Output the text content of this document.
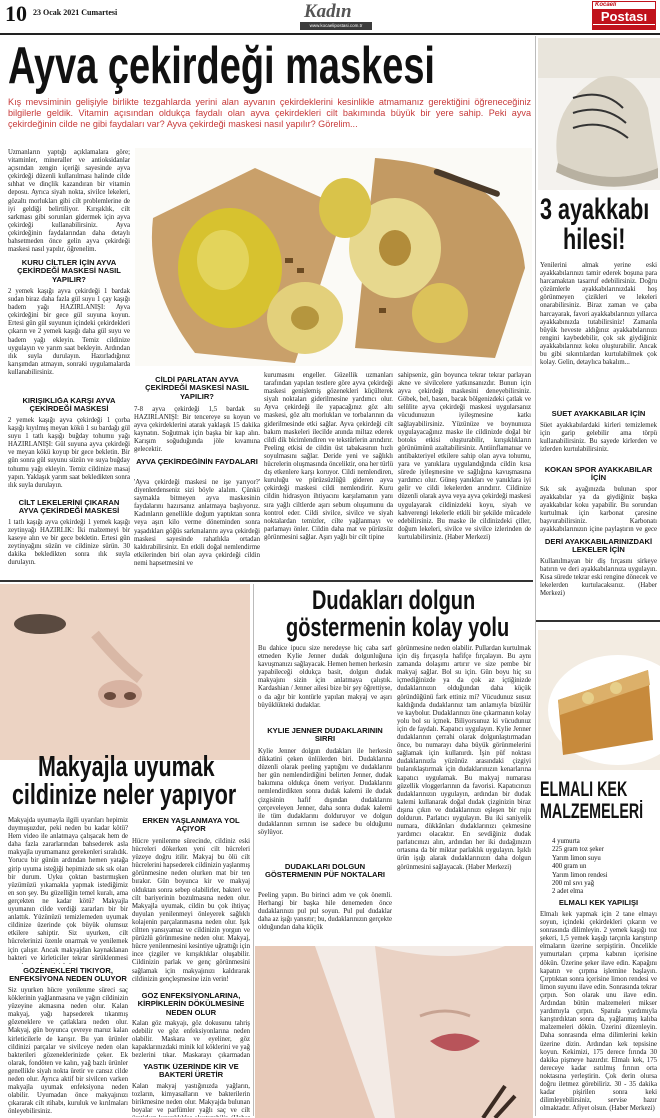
10 23 Ocak 2021 Cumartesi	Kadın
www.kocaelipostasi.com.tr
Kocaeli
Postası
Ayva çekirdeği maskesi
Kış mevsiminin gelişiyle birlikte tezgahlarda yerini alan ayvanın çekirdeklerini kesinlikle atmamanız gerektiğini öğreneceğiniz bilgilerle geldik. Vitamin açısından oldukça faydalı olan ayva çekirdekleri cilt bakımında büyük bir yere sahip. Peki ayva çekirdeğinin cilde ne gibi faydaları var? Ayva çekirdeği maskesi nasıl yapılır? Görelim...
Uzmanların yaptığı açıklamalara göre; vitaminler, mineraller ve antioksidanlar açısından zengin içeriği sayesinde ayva çekirdeği düzenli kullanılması halinde cilde sıhhat ve dinçlik kazandıran bir vitamin deposu. Ayrıca siyah nokta, sivilce lekeleri, gözaltı morlukları gibi cilt problemlerine de iyi geldiği belirtiliyor. Kırışıklık, cilt sarkması gibi sorunları gidermek için ayva çekirdeği kullanabilirsiniz. Ayva çekirdeğinin faydalarından daha detaylı bahsetmeden önce gelin ayva çekirdeği maskesi nasıl yapılır, öğrenelim.
KURU CİLTLER İÇİN AYVA ÇEKİRDEĞİ MASKESİ NASIL YAPILIR?
2 yemek kaşığı ayva çekirdeği 1 bardak sudan biraz daha fazla gül suyu 1 çay kaşığı badem yağı HAZIRLANIŞI: Ayva çekirdeğini bir gece gül suyuna koyun. Ertesi gün gül suyunun içindeki çekirdekleri çıkarın ve 2 yemek kaşığı daha gül suyu ve badem yağı ekleyin. Temiz cildinize uygulayın ve yarım saat bekleyin. Ardından ılık suyla durulayın. Hazırladığınız karışımdan atmayın, sonraki uygulamalarda kullanabilirsiniz.
KIRIŞIKLIĞA KARŞI AYVA ÇEKİRDEĞİ MASKESİ
2 yemek kaşığı ayva çekirdeği 1 çorba kaşığı kıyılmış meyan kökü 1 su bardağı gül suyu 1 tatlı kaşığı buğday tohumu yağı HAZIRLANIŞI: Gül suyuna ayva çekirdeği ve meyan kökü koyup bir gece bekletin. Bir gün sonra gül suyunu süzün ve suya buğday tohumu yağı ekleyin. Temiz cildinize masaj yapın. Yaklaşık yarım saat bekledikten sonra ılık suyla durulayın.
CİLT LEKELERİNİ ÇIKARAN AYVA ÇEKİRDEĞİ MASKESİ
1 tatlı kaşığı ayva çekirdeği 1 yemek kaşığı zeytinyağı HAZIRLIK: İki malzemeyi bir kaseye alın ve bir gece bekletin. Ertesi gün zeytinyağını süzün ve cildinize sürün. 30 dakika bekledikten sonra ılık suyla durulayın.
CİLDİ PARLATAN AYVA ÇEKİRDEĞİ MASKESİ NASIL YAPILIR?
7-8 ayva çekirdeği 1,5 bardak su HAZIRLANIŞI: Bir tencereye su koyun ve ayva çekirdeklerini atarak yaklaşık 15 dakika kaynatın. Soğutmak için başka bir kap alın. Karışım soğuduğunda jöle kıvamına gelecektir.
AYVA ÇEKİRDEĞİNİN FAYDALARI
'Ayva çekirdeği maskesi ne işe yarıyor?' diyenlerdenseniz sizi böyle alalım. Çünkü saymakla bitmeyen ayva maskesinin faydalarını hazırsanız anlatmaya başlıyoruz. Kadınların genellikle doğum yaptıktan sonra veya aşırı kilo verme döneminden sonra yaşadıkları göğüs sarkmalarını ayva çekirdeği maskesi sayesinde rahatlıkla ortadan kaldırabilirsiniz. En etkili doğal nemlendirme etkilerinden biri olan ayva çekirdeği cildin nemi hapsetmesini ve
kurumasını engeller. Güzellik uzmanları tarafından yapılan testlere göre ayva çekirdeği maskesi genişlemiş gözenekleri küçülterek siyah noktaları giderilmesine yardımcı olur. Ayva çekirdeği ile yapacağınız göz altı maskesi, göz altı morlukları ve torbalarının da giderilmesinde etki sağlar. Ayva çekirdeği cilt bakım maskeleri ilecilde anında miltaz ederek cildi dik bicimlendiren ve tekstürlerin arındırır. Peeling etkisi de cildin üst tabakasının hızlı soyulmasını sağlar. Deride yeni ve sağlıklı hücrelerin oluşmasında önceliktir, ona her türlü dış etkenlere karşı koruyor. Cildi nemlendiren, kuruluğu ve pürüzsüzlüğü gideren ayva çekirdeği maskesi cildi nemlendirir. Kuru cildin hidrasyon ihtiyacını karşılamanın yanı sıra yağlı ciltlerde aşırı sebum oluşumunu da kontrol eder. Cildi sivilce, sivilce ve siyah noktalardan temizler, cilte yağlanmayı ve parlamayı önler. Cildin daha mat ve pürüzsüz görünmesini sağlar. Aşırı yağlı bir cilt tipine
sahipseniz, gün boyunca tekrar tekrar parlayan akne ve sivilcelere yatkınsanızdır. Bunun için ayva çekirdeği maskesini deneyebilirsiniz. Göbek, bel, basen, bacak bölgenizdeki çatlak ve selülite ayva çekirdeği maskesi uygularsanız vücudunuzun iyileşmesine katkı sağlayabilirsiniz. Yüzünüze ve boynunuza uygulayacağınız maske ile cildinizde doğal bir botoks etkisi oluşturabilir, kırışıklıkların görünümünü azaltabilirsiniz. Antiinflamatuar ve antibakteriyel etkilere sahip olan ayva tohumu, yara ve yanıklara uygulandığında cildin kısa sürede iyileşmesine ve sağlığına kavuşmasına yardımcı olur. Güneş yanıkları ve yanıklara iyi gelir ve cildi lekelerden arındırır. Cildinize düzenli olarak ayva veya ayva çekirdeği maskesi uygulayarak cildinizdeki koyu, siyah ve kahverengi lekelerle etkili bir şekilde mücadele edebilirsiniz. Bu maske ile cildinizdeki çiller, doğum lekeleri, sivilce ve sivilce izlerinden de kurtulabilirsiniz. (Haber Merkezi)
3 ayakkabı
hilesi!
Yenilerini almak yerine eski ayakkabılarınızı tamir ederek boşuna para harcamaktan tasarruf edebilirsiniz. Doğru çözümlerle ayakkabılarınızdaki hoş görünmeyen çizikleri ve lekeleri onarabilirsiniz. Biraz zaman ve çaba harcayarak, favori ayakkabılarınızı yıllarca ayakkabınızda tutabilirsiniz! Zamanla büyük heveste aldığınız ayakkabılarınızı rengini kaybedebilir, çok sık giydiğiniz ayakkabılarınız koku oluşturabilir. Ancak bu gibi sıkıntılardan kurtulabilmek çok kolay. Gelin, detaylıca bakalım...
SÜET AYAKKABILAR İÇİN
Süet ayakkabılardaki kirleri temizlemek için garip gelebilir ama törpü kullanabilirsiniz. Bu sayede kirlerden ve izlerden kurtulabilirsiniz.
KOKAN SPOR AYAKKABILAR İÇİN
Sık sık ayağınızda bulunan spor ayakkabılar ya da giydiğiniz başka ayakkabılar koku yapabilir. Bu sorundan kurtulmak için karbonat çaresine başvurabilirsiniz. Karbonatı ayakkabılarınızın içine paylaştırın ve gece
DERİ AYAKKABILARINIZDAKİ LEKELER İÇİN
Kullanılmayan bir diş fırçasını sirkeye batırın ve deri ayakkabılarınıza uygulayın. Kısa sürede tekrar eski rengine dönecek ve lekelerden kurtulacaksınız. (Haber Merkezi)
ELMALI KEK
MALZEMELERİ
4 yumurta
225 gram toz şeker
Yarım limon suyu
400 gram un
Yarım limon rendesi
200 ml sıvı yağ
2 adet elma
ELMALI KEK YAPILIŞI
Elmalı kek yapmak için 2 tane elmayı soyun, içindeki çekirdekleri çıkarın ve sonrasında dilimleyin. 2 yemek kaşığı toz şekeri, 1,5 yemek kaşığı tarçınla karıştırıp elmaların üzerine serpiştirin. Öncelikle yumurtaları çırpma kabının içerisine dökün. Üzerine şeker ilave edin. Kapağını kapatın ve çırpma işlemine başlayın. Çırptıktan sonra içerisine limon rendesi ve limon suyunu ilave edin. Sonrasında tekrar çırpın. Son olarak unu ilave edin. Ardından bütün malzemeleri mikser yardımıyla çırpın. Spatula yardımıyla karıştırdıktan sonra da, yağlanmış kalıba malzemeleri dökün. Üzerini düzenleyin. Daha sonrasında elma dilimlerini kekin üzerine dizin. Ardından kek tepsisine koyun. Kekimizi, 175 derece fırında 30 dakika pişmeye hazırdır. Elmalı kek, 175 dereceye kadar ısıtılmış fırının orta noktasına yerleştirin. Çok derin olursa doğru iletmez görebiliriz. 30 - 35 dakika kadar pişirilen sonra keki dilimleyebilirsiniz, servise hazır olmaktadır. Afiyet olsun. (Haber Merkezi)
Makyajla uyumak
cildinize neler yapıyor
Makyajda uyumayla ilgili uyarıları hepimiz duymuşuzdur, peki neden bu kadar kötü? Hem video ile anlatmaya çalışacak hem de daha fazla zararlarından bahsederek asla makyajla uyumamanız gerekenleri sıralıdık. Yorucu bir günün ardından hemen yatağa girip uyuma isteğiği hepimizde sık sık olan bir durum. Uyku çoktan bastırmışken yüzümüzü yıkamakla yapmak istediğimiz en son şey. Bu güzelliğin temel kuralı, ama gerçekten ne kadar kötü? Makyajla uyumanın cilde verdiği zararları bir bir anlattık. Yüzünüzü temizlemeden uyumak cildinize üzerinde çok büyük olumsuz etkilere sahiptir. Siz uyurken, cilt hücrelerinizi özenle onarmak ve yenilemek için çalışır. Ancak makyajdan kaynaklanan bakteri ve kirleticiler tekrar sürüklenmesi
GÖZENEKLERİ TIKIYOR, ENFEKSİYONA NEDEN OLUYOR
Siz uyurken hücre yenilenme süreci saç köklerinin yağlanmasına ve yağın cildinizin yüzeyine akmasına neden olur. Kalan makyaj, yağı hapsederek tıkanmış gözeneklere ve çatlaklara neden olur. Makyaj, gün boyunca çevreye maruz kalan kirleticilerle de karışır. Bu yan ürünler cildinizi parçalar ve sivilceye neden olan bakterileri gözeneklerinizde çeker. Ek olarak, fondöten ve kalın, yağ bazlı ürünler genellikle siyah nokta üretir ve cansız cilde neden olur. Ayrıca aktif bir sivilcen varken makyajla uyumak enfeksiyona neden olabilir. Uyumadan önce makyajınızı çıkararak cilt ıtihabı, kuruluk ve kırılmaları önleyebilirsiniz.
ERKEN YAŞLANMAYA YOL AÇIYOR
Hücre yenilenme sürecinde, cildiniz eski hücreleri dökerken yeni cilt hücreleri yüzeye doğru itilir. Makyaj bu ölü cilt hücrelerini hapsederek cildinizin yaşlanmış görünmesine neden olurken mat bir ten bırakır. Gün boyunca kir ve makyaj olduktan sonra sebep olabilirler, bakteri ve cilt bariyerinin bozulmasına neden olur. Makyajla uyumak, cildin bu çok ihtiyaç duyulan yenilenmeyi önleyerek sağlıklı kolajenin parçalanmasına neden olur. Işık ciltten yansıyamaz ve cildinizin yorgun ve pürüzlü görünmesine neden olur. Makyaj, hücre yenilenmesini kesintiye uğrattığı için ince çizgiler ve kırışıklıklar oluşabilir. Cildinizin parlak ve genç görünmesini sağlamak için makyajınızı kaldırarak cildinizin gençleşmesine izin verin!
GÖZ ENFEKSİYONLARINA, KİRPİKLERİN DÖKÜLMESİNE NEDEN OLUR
Kalan göz makyajı, göz dokusunu tahriş edebilir ve göz enfeksiyonlarına neden olabilir. Maskara ve eyeliner, göz kapaklarınızdaki minik kıl köklerini ve yağ bezlerini tıkar. Maskarayı çıkarmadan
YASTIK ÜZERİNDE KİR VE BAKTERİ ÜRETİR
Kalan makyaj yastığınızda yağların, tozların, kimyasalların ve bakterilerin birikmesine neden olur. Makyajda bulunan boyalar ve parfümler yağlı saç ve cilt
Dudakları dolgun
göstermenin kolay yolu
Bu dahice ipucu size neredeyse hiç caba sarf etmeden Kylie Jenner dudak dolgunluğuna kavuşmanızı sağlayacak. Hemen hemen herkesin yapabileceği oldukça basit, dolgun dudak makyajını sizin için anlatmaya çalıştık. Kardashian / Jenner ailesi bize bir şey öğrettiyse, o da ağır bir kontürle yapılan makyaj ve aşırı büyüklükteki dudaklar.
KYLIE JENNER DUDAKLARININ SIRRI
Kylie Jenner dolgun dudakları ile herkesin dikkatini çeken ünlülerden biri. Dudaklarına düzenli olarak peeling yaptığını ve dudaklarını her gün nemlendirdiğini belirten Jenner, dudak bakımına oldukça önem veriyor. Dudaklarını nemlendirdikten sonra dudak kalemi ile dudak çizgisinin hafif dışından dudaklarını çerçeveleyen Jenner, daha sonra dudak kalemi ile tüm dudaklarını dolduruyor ve dolgun dudaklarının sırrının ise sadece bu olduğunu söylüyor.
DUDAKLARI DOLGUN GÖSTERMENIN PÜF NOKTALARI
Peeling yapın. Bu birinci adım ve çok önemli. Herhangi bir başka hile denemeden önce dudaklarınızı pul pul soyun. Pul pul dudaklar daha az işığı yansıtır; bu, dudaklarınızın gerçekte olduğundan daha küçük
görünmesine neden olabilir. Pullardan kurtulmak için diş fırçasıyla hafifçe fırçalayın. Bu aynı zamanda dolaşımı artırır ve size pembe bir makyaj sağlar. Bol su için. Gün boyu hiç su içmediğinizde ya da çok az içtiğinizde dudaklarınızın olduğundan daha küçük göründüğünü fark ettiniz mi? Vücudunuz susuz kaldığında dudaklarınız tam anlamıyla büzülür ve kaybolur. Dudaklarınızı öne çıkarmanın kolay yolu bol su içmek. Biliyorsunuz ki vücudunuz için de faydalı. Kapatıcı uygulayın. Kylie Jenner dudaklarının çerrahi olarak dolgunlaştırmadan önce, bu numarayı daha büyük görünmelerini sağlamak için kullanırdı. İşin püf noktası dudaklarınızla yüzünüz arasındaki çizgiyi bulanıklaştırmak için dudaklarınızın kenarlarına kapatıcı uygulamak. Bu makyaj numarası güzellik vloggerlarının da favorisi. Kapatıcınızı dudaklarınızın uygulayın, ardından bir dudak kalemi kullanarak doğal dudak çizginizin biraz dışına çıkın ve dudaklarınızı eşleşen bir ruju doldurun. Parlatıcı uygulayın. Bu iki saniyelik numara, dükkânları dudaklarınızı çekmesine yardımcı olacaktır. En sevdiğiniz dudak parlatıcınızı alın, ardından her iki dudağınızın ortasına da bir miktar parlaklık uygulayın. Işıklı ürün işığı alarak dudaklarınızın daha dolgun görünmesini sağlayacak. (Haber Merkezi)
